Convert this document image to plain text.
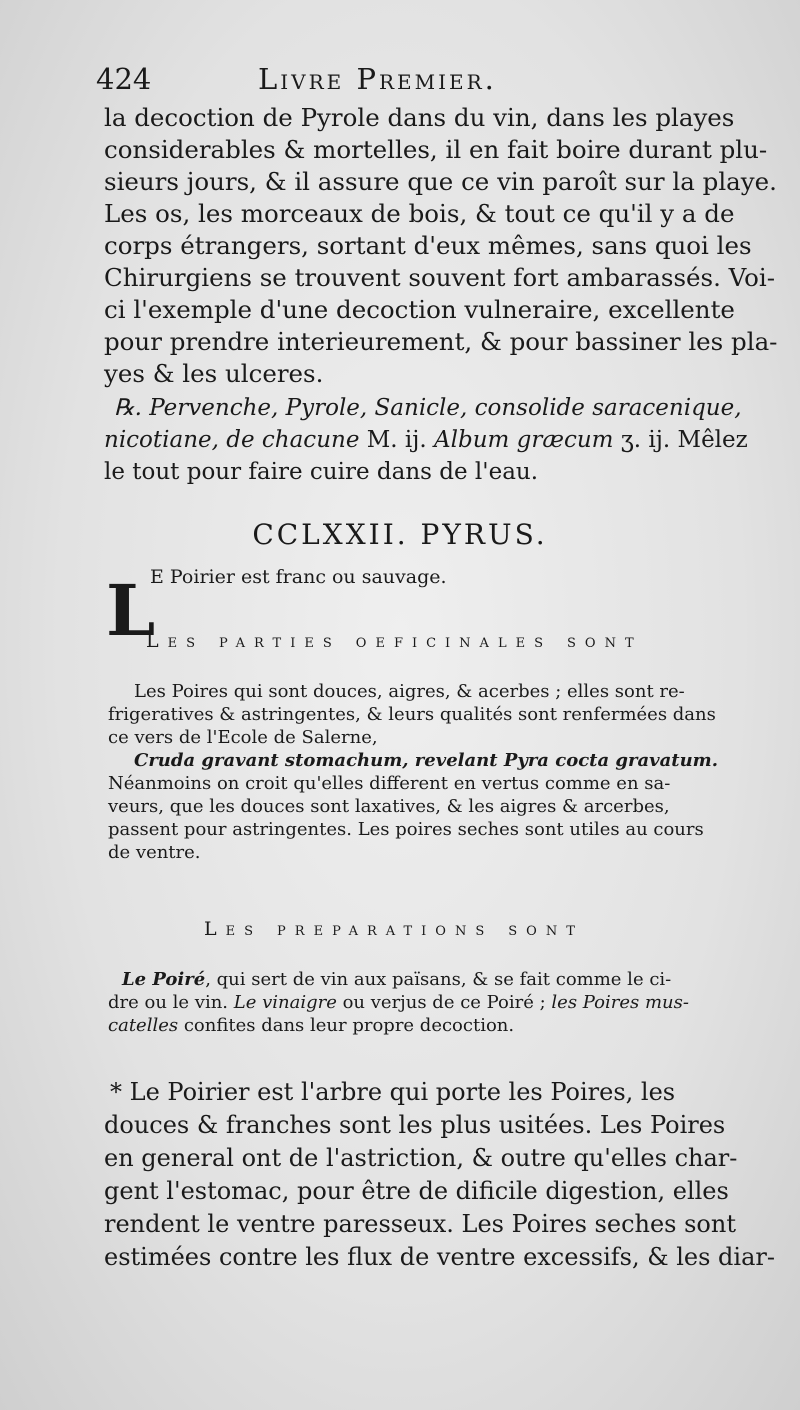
424	Livre Premier.
la decoction de Pyrole dans du vin, dans les playes
considerables & mortelles, il en fait boire durant plu-
sieurs jours, & il assure que ce vin paroît sur la playe.
Les os, les morceaux de bois, & tout ce qu'il y a de
corps étrangers, sortant d'eux mêmes, sans quoi les
Chirurgiens se trouvent souvent fort ambarassés. Voi-
ci l'exemple d'une decoction vulneraire, excellente
pour prendre interieurement, & pour bassiner les pla-
yes & les ulceres.
℞. Pervenche, Pyrole, Sanicle, consolide saracenique,
nicotiane, de chacune M. ij. Album græcum ʒ. ij. Mêlez
le tout pour faire cuire dans de l'eau.
CCLXXII. PYRUS.
L
E Poirier est franc ou sauvage.
Les parties oeficinales sont
Les Poires qui sont douces, aigres, & acerbes ; elles sont re-
frigeratives & astringentes, & leurs qualités sont renfermées dans
ce vers de l'Ecole de Salerne,
Cruda gravant stomachum, revelant Pyra cocta gravatum.
Néanmoins on croit qu'elles different en vertus comme en sa-
veurs, que les douces sont laxatives, & les aigres & arcerbes,
passent pour astringentes. Les poires seches sont utiles au cours
de ventre.
Les preparations sont
Le Poiré, qui sert de vin aux païsans, & se fait comme le ci-
dre ou le vin. Le vinaigre ou verjus de ce Poiré ; les Poires mus-
catelles confites dans leur propre decoction.
* Le Poirier est l'arbre qui porte les Poires, les
douces & franches sont les plus usitées. Les Poires
en general ont de l'astriction, & outre qu'elles char-
gent l'estomac, pour être de dificile digestion, elles
rendent le ventre paresseux. Les Poires seches sont
estimées contre les flux de ventre excessifs, & les diar-
